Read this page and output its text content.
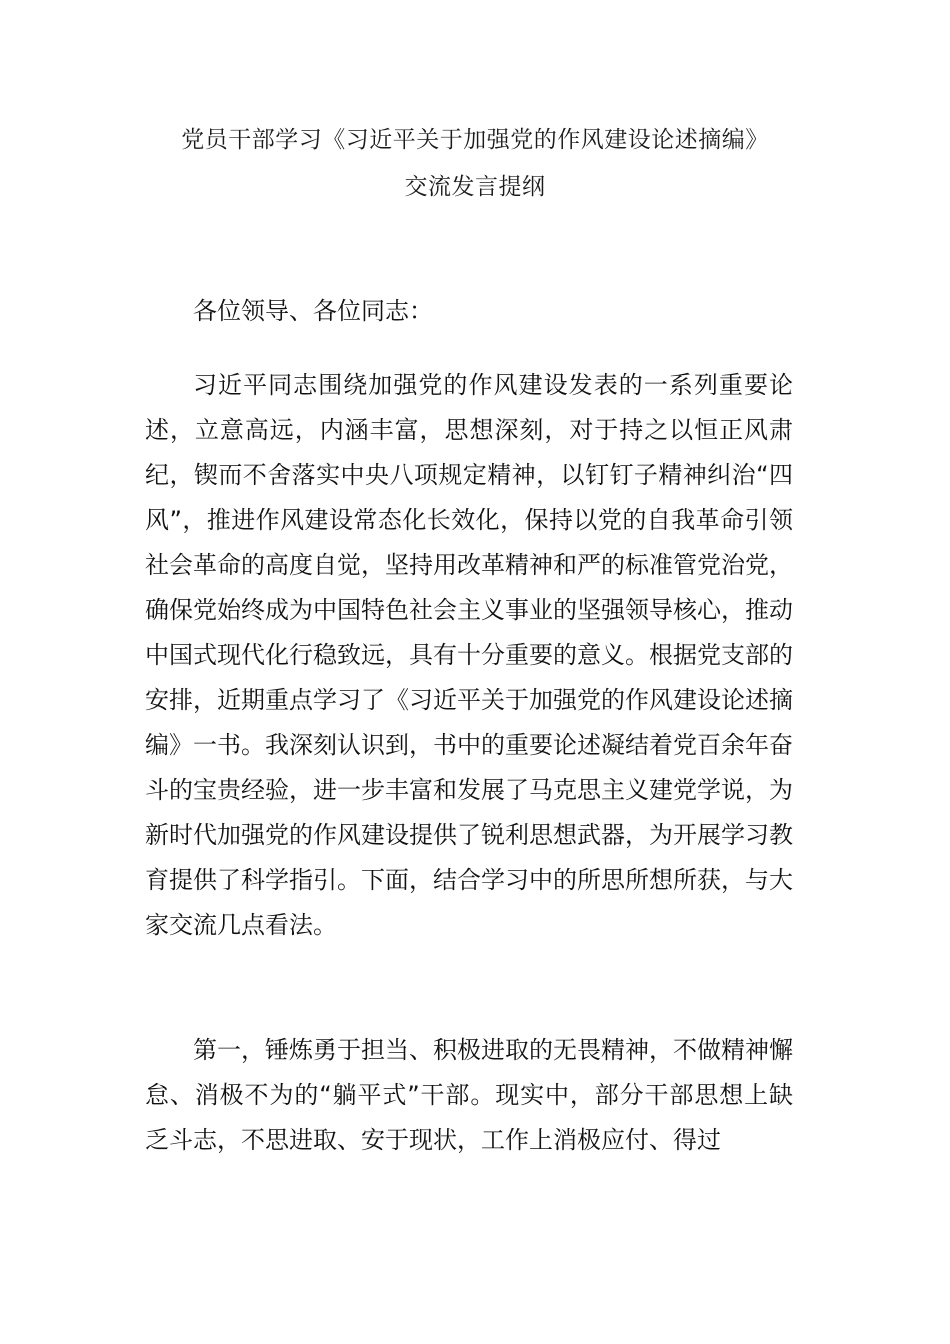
党员干部学习《习近平关于加强党的作风建设论述摘编》
交流发言提纲

各位领导、各位同志：

习近平同志围绕加强党的作风建设发表的一系列重要论述，立意高远，内涵丰富，思想深刻，对于持之以恒正风肃纪，锲而不舍落实中央八项规定精神，以钉钉子精神纠治“四风”，推进作风建设常态化长效化，保持以党的自我革命引领社会革命的高度自觉，坚持用改革精神和严的标准管党治党，确保党始终成为中国特色社会主义事业的坚强领导核心，推动中国式现代化行稳致远，具有十分重要的意义。根据党支部的安排，近期重点学习了《习近平关于加强党的作风建设论述摘编》一书。我深刻认识到，书中的重要论述凝结着党百余年奋斗的宝贵经验，进一步丰富和发展了马克思主义建党学说，为新时代加强党的作风建设提供了锐利思想武器，为开展学习教育提供了科学指引。下面，结合学习中的所思所想所获，与大家交流几点看法。

第一，锤炼勇于担当、积极进取的无畏精神，不做精神懈怠、消极不为的“躺平式”干部。现实中，部分干部思想上缺乏斗志，不思进取、安于现状，工作上消极应付、得过
